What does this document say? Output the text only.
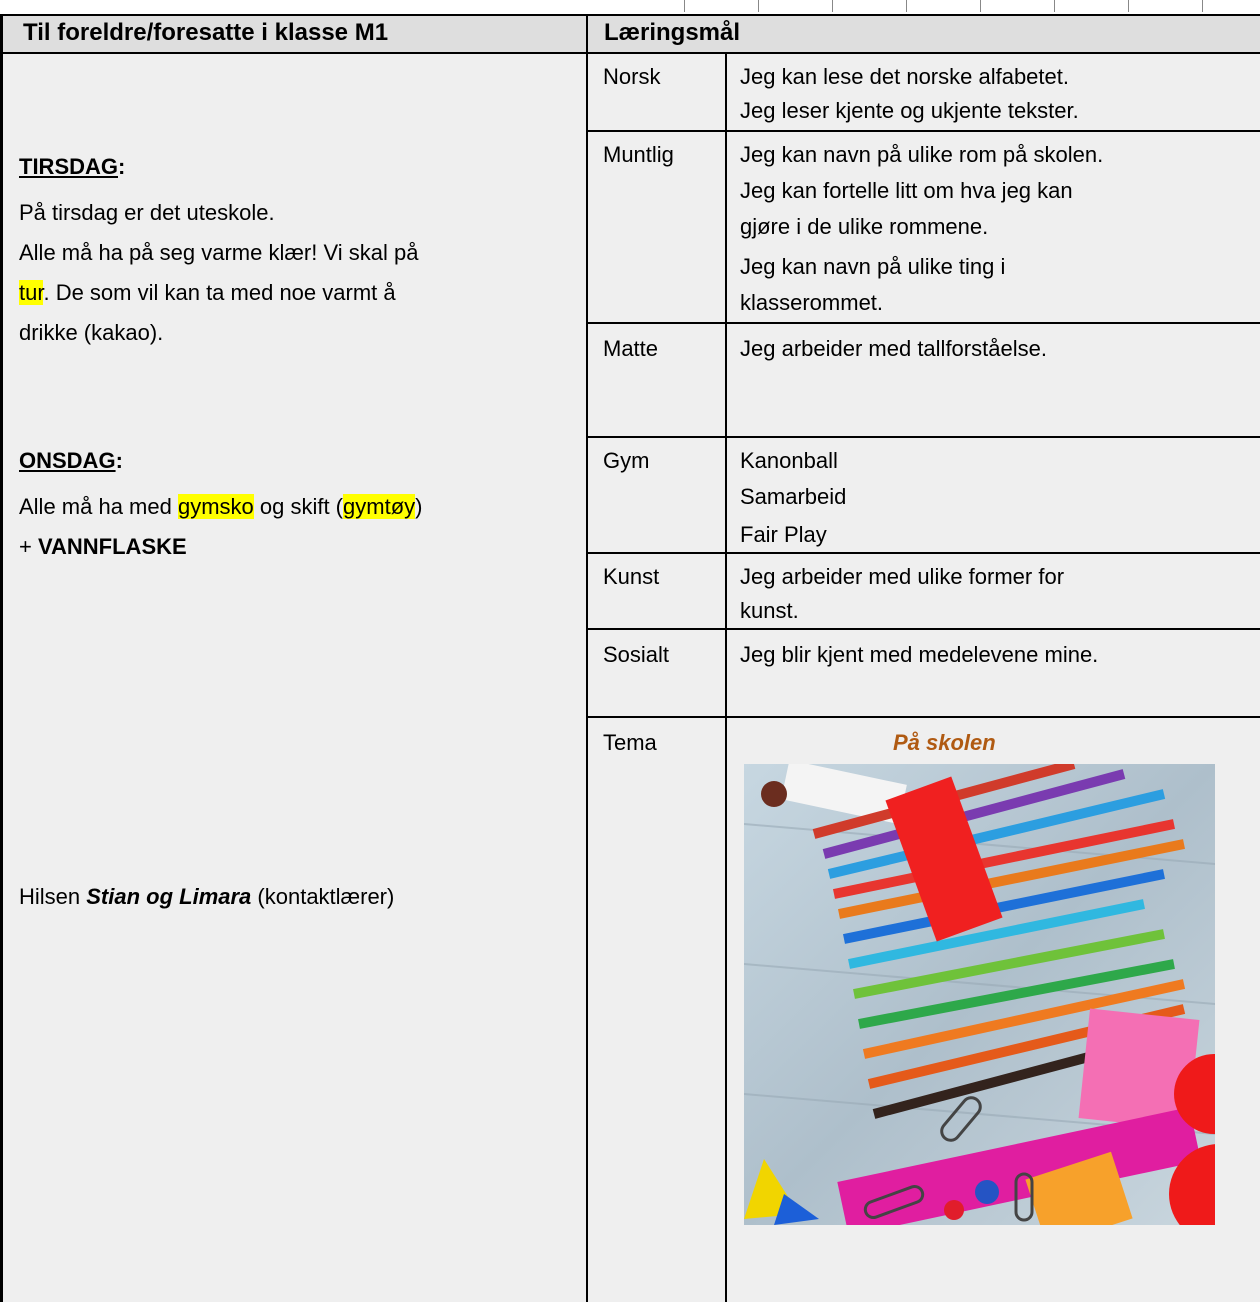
Til foreldre/foresatte i klasse M1	Læringsmål
TIRSDAG:
På tirsdag er det uteskole.
Alle må ha på seg varme klær! Vi skal på
tur. De som vil kan ta med noe varmt å
drikke (kakao).
ONSDAG:
Alle må ha med gymsko og skift (gymtøy)
+ VANNFLASKE
Hilsen Stian og Limara (kontaktlærer)
Norsk	Jeg kan lese det norske alfabetet.
Jeg leser kjente og ukjente tekster.
Muntlig	Jeg kan navn på ulike rom på skolen.
Jeg kan fortelle litt om hva jeg kan
gjøre i de ulike rommene.
Jeg kan navn på ulike ting i
klasserommet.
Matte	Jeg arbeider med tallforståelse.
Gym	Kanonball
Samarbeid
Fair Play
Kunst	Jeg arbeider med ulike former for
kunst.
Sosialt	Jeg blir kjent med medelevene mine.
Tema	På skolen
